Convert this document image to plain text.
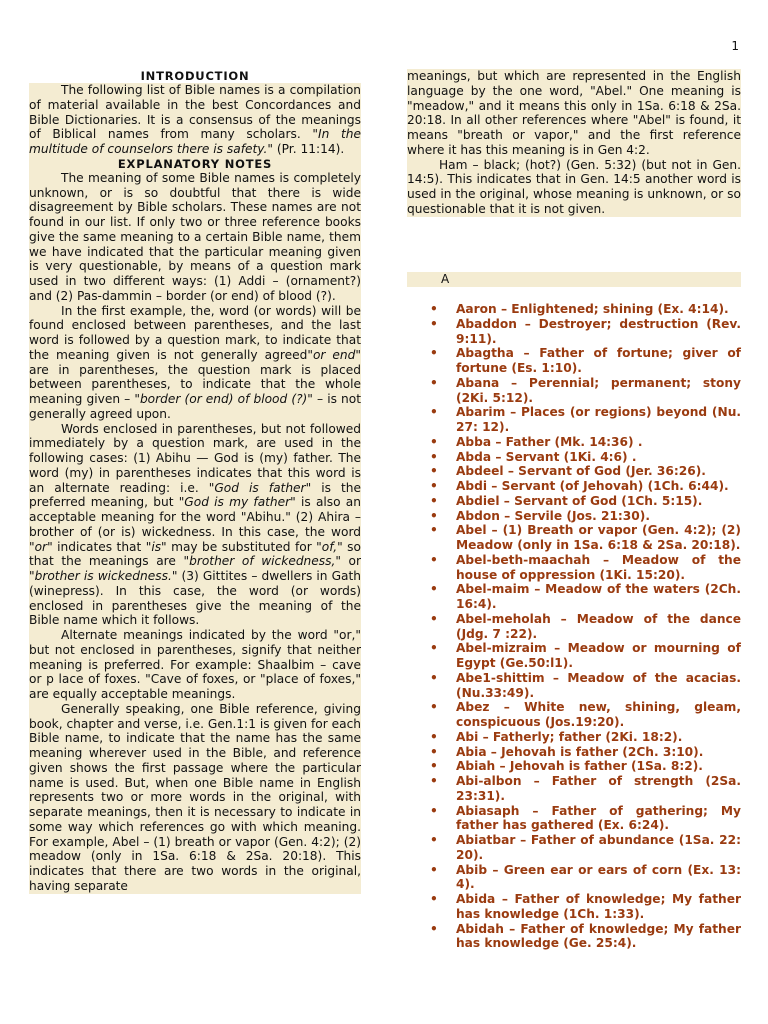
1
INTRODUCTION

The following list of Bible names is a compilation of material available in the best Concordances and Bible Dictionaries. It is a consensus of the meanings of Biblical names from many scholars. "In the multitude of counselors there is safety." (Pr. 11:14).

EXPLANATORY NOTES

The meaning of some Bible names is completely unknown, or is so doubtful that there is wide disagreement by Bible scholars. These names are not found in our list. If only two or three reference books give the same meaning to a certain Bible name, them we have indicated that the particular meaning given is very questionable, by means of a question mark used in two different ways: (1) Addi – (ornament?) and (2) Pas-dammin – border (or end) of blood (?).

In the first example, the, word (or words) will be found enclosed between parentheses, and the last word is followed by a question mark, to indicate that the meaning given is not generally agreed"or end" are in parentheses, the question mark is placed between parentheses, to indicate that the whole meaning given – "border (or end) of blood (?)" – is not generally agreed upon.

Words enclosed in parentheses, but not followed immediately by a question mark, are used in the following cases: (1) Abihu — God is (my) father. The word (my) in parentheses indicates that this word is an alternate reading: i.e. "God is father" is the preferred meaning, but "God is my father" is also an acceptable meaning for the word "Abihu." (2) Ahira – brother of (or is) wickedness. In this case, the word "or" indicates that "is" may be substituted for "of," so that the meanings are "brother of wickedness," or "brother is wickedness." (3) Gittites – dwellers in Gath (winepress). In this case, the word (or words) enclosed in parentheses give the meaning of the Bible name which it follows.

Alternate meanings indicated by the word "or," but not enclosed in parentheses, signify that neither meaning is preferred. For example: Shaalbim – cave or p lace of foxes. "Cave of foxes, or "place of foxes," are equally acceptable meanings.

Generally speaking, one Bible reference, giving book, chapter and verse, i.e. Gen.1:1 is given for each Bible name, to indicate that the name has the same meaning wherever used in the Bible, and reference given shows the first passage where the particular name is used. But, when one Bible name in English represents two or more words in the original, with separate meanings, then it is necessary to indicate in some way which references go with which meaning. For example, Abel – (1) breath or vapor (Gen. 4:2); (2) meadow (only in 1Sa. 6:18 & 2Sa. 20:18). This indicates that there are two words in the original, having separate

meanings, but which are represented in the English language by the one word, "Abel." One meaning is "meadow," and it means this only in 1Sa. 6:18 & 2Sa. 20:18. In all other references where "Abel" is found, it means "breath or vapor," and the first reference where it has this meaning is in Gen 4:2.

Ham – black; (hot?) (Gen. 5:32) (but not in Gen. 14:5). This indicates that in Gen. 14:5 another word is used in the original, whose meaning is unknown, or so questionable that it is not given.

A
• Aaron – Enlightened; shining (Ex. 4:14).
• Abaddon – Destroyer; destruction (Rev. 9:11).
• Abagtha – Father of fortune; giver of fortune (Es. 1:10).
• Abana – Perennial; permanent; stony (2Ki. 5:12).
• Abarim – Places (or regions) beyond (Nu. 27: 12).
• Abba – Father (Mk. 14:36) .
• Abda – Servant (1Ki. 4:6) .
• Abdeel – Servant of God (Jer. 36:26).
• Abdi – Servant (of Jehovah) (1Ch. 6:44).
• Abdiel – Servant of God (1Ch. 5:15).
• Abdon – Servile (Jos. 21:30).
• Abel – (1) Breath or vapor (Gen. 4:2); (2) Meadow (only in 1Sa. 6:18 & 2Sa. 20:18).
• Abel-beth-maachah – Meadow of the house of oppression (1Ki. 15:20).
• Abel-maim – Meadow of the waters (2Ch. 16:4).
• Abel-meholah – Meadow of the dance (Jdg. 7 :22).
• Abel-mizraim – Meadow or mourning of Egypt (Ge.50:l1).
• Abe1-shittim – Meadow of the acacias. (Nu.33:49).
• Abez – White new, shining, gleam, conspicuous (Jos.19:20).
• Abi – Fatherly; father (2Ki. 18:2).
• Abia – Jehovah is father (2Ch. 3:10).
• Abiah – Jehovah is father (1Sa. 8:2).
• Abi-albon – Father of strength (2Sa. 23:31).
• Abiasaph – Father of gathering; My father has gathered (Ex. 6:24).
• Abiatbar – Father of abundance (1Sa. 22: 20).
• Abib – Green ear or ears of corn (Ex. 13: 4).
• Abida – Father of knowledge; My father has knowledge (1Ch. 1:33).
• Abidah – Father of knowledge; My father has knowledge (Ge. 25:4).
